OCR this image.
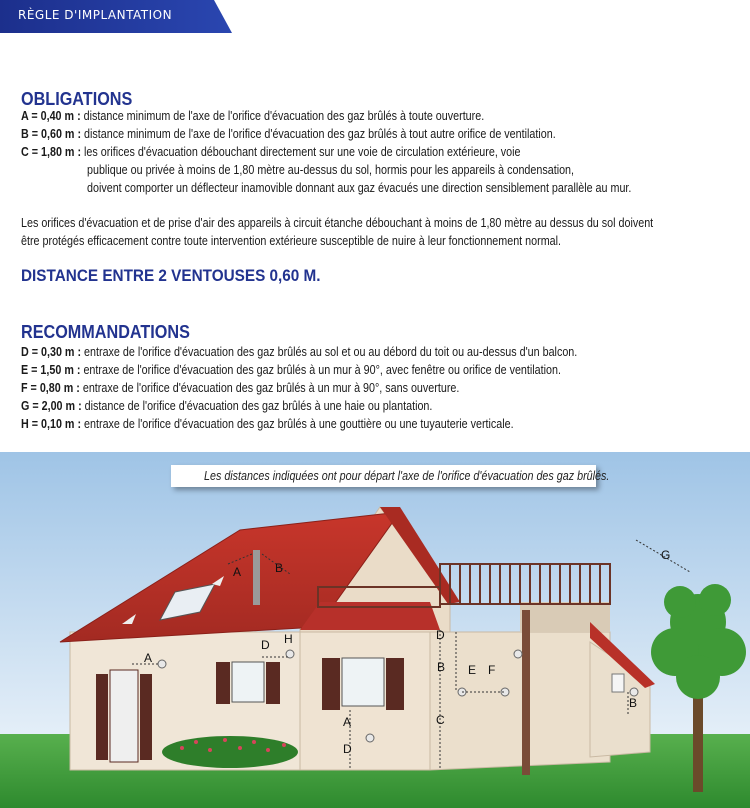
RÈGLE D'IMPLANTATION
OBLIGATIONS
A = 0,40 m : distance minimum de l'axe de l'orifice d'évacuation des gaz brûlés à toute ouverture.
B = 0,60 m : distance minimum de l'axe de l'orifice d'évacuation des gaz brûlés à tout autre orifice de ventilation.
C = 1,80 m : les orifices d'évacuation débouchant directement sur une voie de circulation extérieure, voie
publique ou privée à moins de 1,80 mètre au-dessus du sol, hormis pour les appareils à condensation,
doivent comporter un déflecteur inamovible donnant aux gaz évacués une direction sensiblement parallèle au mur.
Les orifices d'évacuation et de prise d'air des appareils à circuit étanche débouchant à moins de 1,80 mètre au dessus du sol doivent
être protégés efficacement contre toute intervention extérieure susceptible de nuire à leur fonctionnement normal.
DISTANCE ENTRE 2 VENTOUSES 0,60 M.
RECOMMANDATIONS
D = 0,30 m : entraxe de l'orifice d'évacuation des gaz brûlés au sol et ou au débord du toit ou au-dessus d'un balcon.
E = 1,50 m : entraxe de l'orifice d'évacuation des gaz brûlés à un mur à 90°, avec fenêtre ou orifice de ventilation.
F = 0,80 m : entraxe de l'orifice d'évacuation des gaz brûlés à un mur à 90°, sans ouverture.
G = 2,00 m : distance de l'orifice d'évacuation des gaz brûlés à une haie ou plantation.
H = 0,10 m : entraxe de l'orifice d'évacuation des gaz brûlés à une gouttière ou une tuyauterie verticale.
A	B
A
D H
A
D
D
B
C
E F
B
G
Les distances indiquées ont pour départ l'axe de l'orifice d'évacuation des gaz brûlés.
